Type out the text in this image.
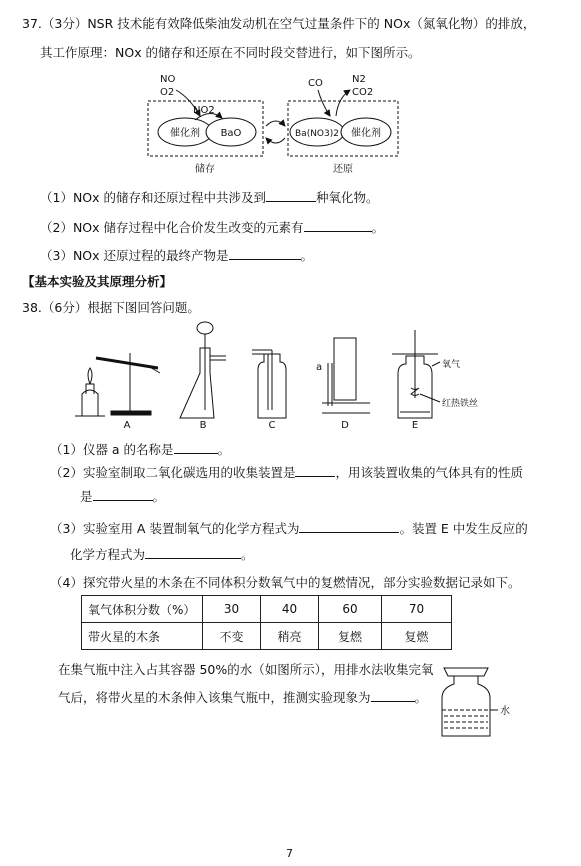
37.（3分）NSR 技术能有效降低柴油发动机在空气过量条件下的 NOx（氮氧化物）的排放，
其工作原理：NOx 的储存和还原在不同时段交替进行，如下图所示。
催化剂 BaO
NO
O2
NO2
储存
Ba(NO3)2 催化剂
CO	N2
CO2
还原
（1）NOx 的储存和还原过程中共涉及到	种氧化物。
（2）NOx 储存过程中化合价发生改变的元素有	。
（3）NOx 还原过程的最终产物是	。
【基本实验及其原理分析】
38.（6分）根据下图回答问题。
A	B	C
a
D
氧气
红热铁丝
E
（1）仪器 a 的名称是	。
（2）实验室制取二氧化碳选用的收集装置是	，用该装置收集的气体具有的性质
是	。
（3）实验室用 A 装置制氧气的化学方程式为	。装置 E 中发生反应的
化学方程式为	。
（4）探究带火星的木条在不同体积分数氧气中的复燃情况，部分实验数据记录如下。
氧气体积分数（%）	30	40	60	70
带火星的木条	不变	稍亮	复燃	复燃
在集气瓶中注入占其容器 50%的水（如图所示），用排水法收集完氧
气后，将带火星的木条伸入该集气瓶中，推测实验现象为	。
水
7
